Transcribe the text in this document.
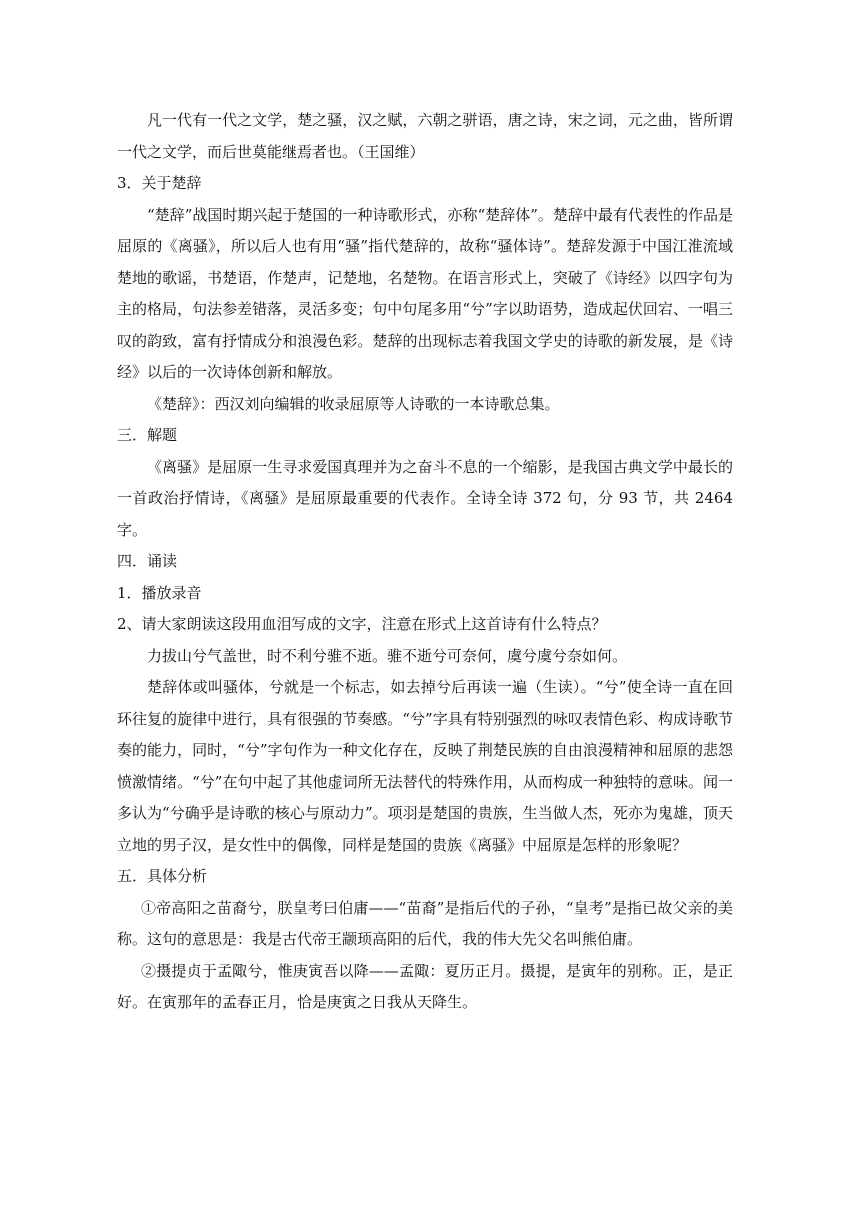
凡一代有一代之文学，楚之骚，汉之赋，六朝之骈语，唐之诗，宋之词，元之曲，皆所谓一代之文学，而后世莫能继焉者也。（王国维）

3．关于楚辞

“楚辞”战国时期兴起于楚国的一种诗歌形式，亦称“楚辞体”。楚辞中最有代表性的作品是屈原的《离骚》，所以后人也有用“骚”指代楚辞的，故称“骚体诗”。楚辞发源于中国江淮流域楚地的歌谣，书楚语，作楚声，记楚地，名楚物。在语言形式上，突破了《诗经》以四字句为主的格局，句法参差错落，灵活多变；句中句尾多用“兮”字以助语势，造成起伏回宕、一唱三叹的韵致，富有抒情成分和浪漫色彩。楚辞的出现标志着我国文学史的诗歌的新发展，是《诗经》以后的一次诗体创新和解放。

《楚辞》：西汉刘向编辑的收录屈原等人诗歌的一本诗歌总集。

三．解题

《离骚》是屈原一生寻求爱国真理并为之奋斗不息的一个缩影，是我国古典文学中最长的一首政治抒情诗，《离骚》是屈原最重要的代表作。全诗全诗 372 句，分 93 节，共 2464 字。

四．诵读

1．播放录音

2、请大家朗读这段用血泪写成的文字，注意在形式上这首诗有什么特点？

力拔山兮气盖世，时不利兮骓不逝。骓不逝兮可奈何，虞兮虞兮奈如何。

楚辞体或叫骚体，兮就是一个标志，如去掉兮后再读一遍（生读）。“兮”使全诗一直在回环往复的旋律中进行，具有很强的节奏感。“兮”字具有特别强烈的咏叹表情色彩、构成诗歌节奏的能力，同时，“兮”字句作为一种文化存在，反映了荆楚民族的自由浪漫精神和屈原的悲怨愤激情绪。“兮”在句中起了其他虚词所无法替代的特殊作用，从而构成一种独特的意味。闻一多认为“兮确乎是诗歌的核心与原动力”。项羽是楚国的贵族，生当做人杰，死亦为鬼雄，顶天立地的男子汉，是女性中的偶像，同样是楚国的贵族《离骚》中屈原是怎样的形象呢？

五．具体分析

①帝高阳之苗裔兮，朕皇考曰伯庸——“苗裔”是指后代的子孙，“皇考”是指已故父亲的美称。这句的意思是：我是古代帝王颛顼高阳的后代，我的伟大先父名叫熊伯庸。

②摄提贞于孟陬兮，惟庚寅吾以降——孟陬：夏历正月。摄提，是寅年的别称。正，是正好。在寅那年的孟春正月，恰是庚寅之日我从天降生。
